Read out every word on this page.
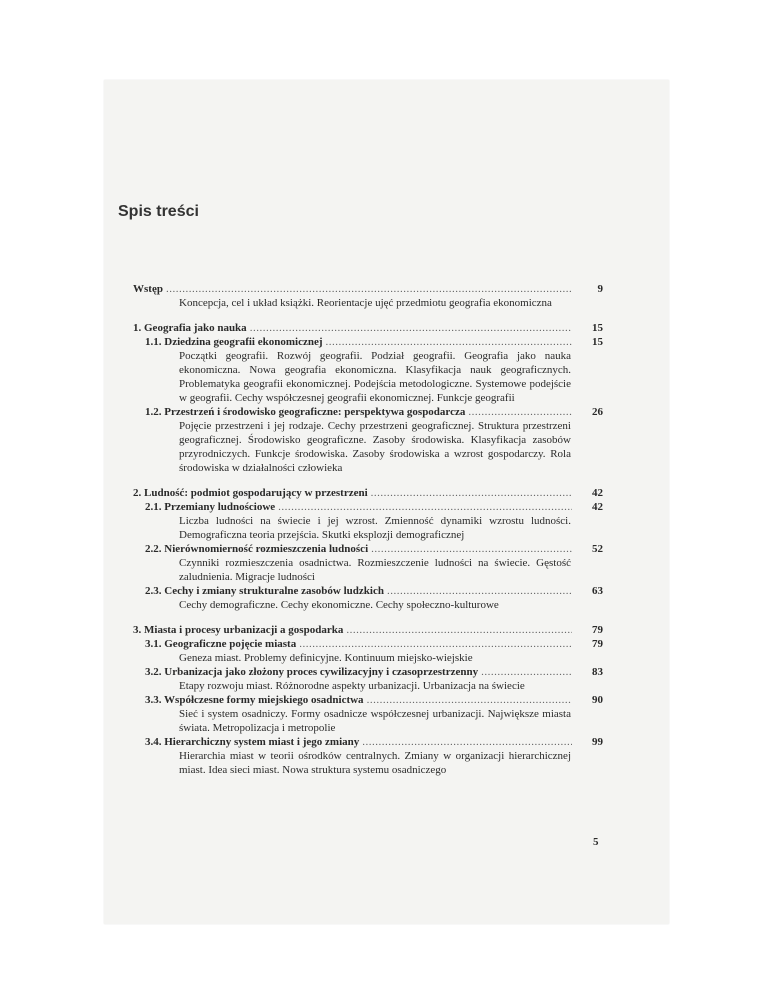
Spis treści
Wstęp .....	9
Koncepcja, cel i układ książki. Reorientacje ujęć przedmiotu geografia ekonomiczna
1. Geografia jako nauka .....	15
1.1. Dziedzina geografii ekonomicznej .....	15
Początki geografii. Rozwój geografii. Podział geografii. Geografia jako nauka ekonomiczna. Nowa geografia ekonomiczna. Klasyfikacja nauk geograficznych. Problematyka geografii ekonomicznej. Podejścia metodologiczne. Systemowe podejście w geografii. Cechy współczesnej geografii ekonomicznej. Funkcje geografii
1.2. Przestrzeń i środowisko geograficzne: perspektywa gospodarcza .....	26
Pojęcie przestrzeni i jej rodzaje. Cechy przestrzeni geograficznej. Struktura przestrzeni geograficznej. Środowisko geograficzne. Zasoby środowiska. Klasyfikacja zasobów przyrodniczych. Funkcje środowiska. Zasoby środowiska a wzrost gospodarczy. Rola środowiska w działalności człowieka
2. Ludność: podmiot gospodarujący w przestrzeni .....	42
2.1. Przemiany ludnościowe .....	42
Liczba ludności na świecie i jej wzrost. Zmienność dynamiki wzrostu ludności. Demograficzna teoria przejścia. Skutki eksplozji demograficznej
2.2. Nierównomierność rozmieszczenia ludności .....	52
Czynniki rozmieszczenia osadnictwa. Rozmieszczenie ludności na świecie. Gęstość zaludnienia. Migracje ludności
2.3. Cechy i zmiany strukturalne zasobów ludzkich .....	63
Cechy demograficzne. Cechy ekonomiczne. Cechy społeczno-kulturowe
3. Miasta i procesy urbanizacji a gospodarka .....	79
3.1. Geograficzne pojęcie miasta .....	79
Geneza miast. Problemy definicyjne. Kontinuum miejsko-wiejskie
3.2. Urbanizacja jako złożony proces cywilizacyjny i czasoprzestrzenny .....	83
Etapy rozwoju miast. Różnorodne aspekty urbanizacji. Urbanizacja na świecie
3.3. Współczesne formy miejskiego osadnictwa .....	90
Sieć i system osadniczy. Formy osadnicze współczesnej urbanizacji. Największe miasta świata. Metropolizacja i metropolie
3.4. Hierarchiczny system miast i jego zmiany .....	99
Hierarchia miast w teorii ośrodków centralnych. Zmiany w organizacji hierarchicznej miast. Idea sieci miast. Nowa struktura systemu osadniczego
5
